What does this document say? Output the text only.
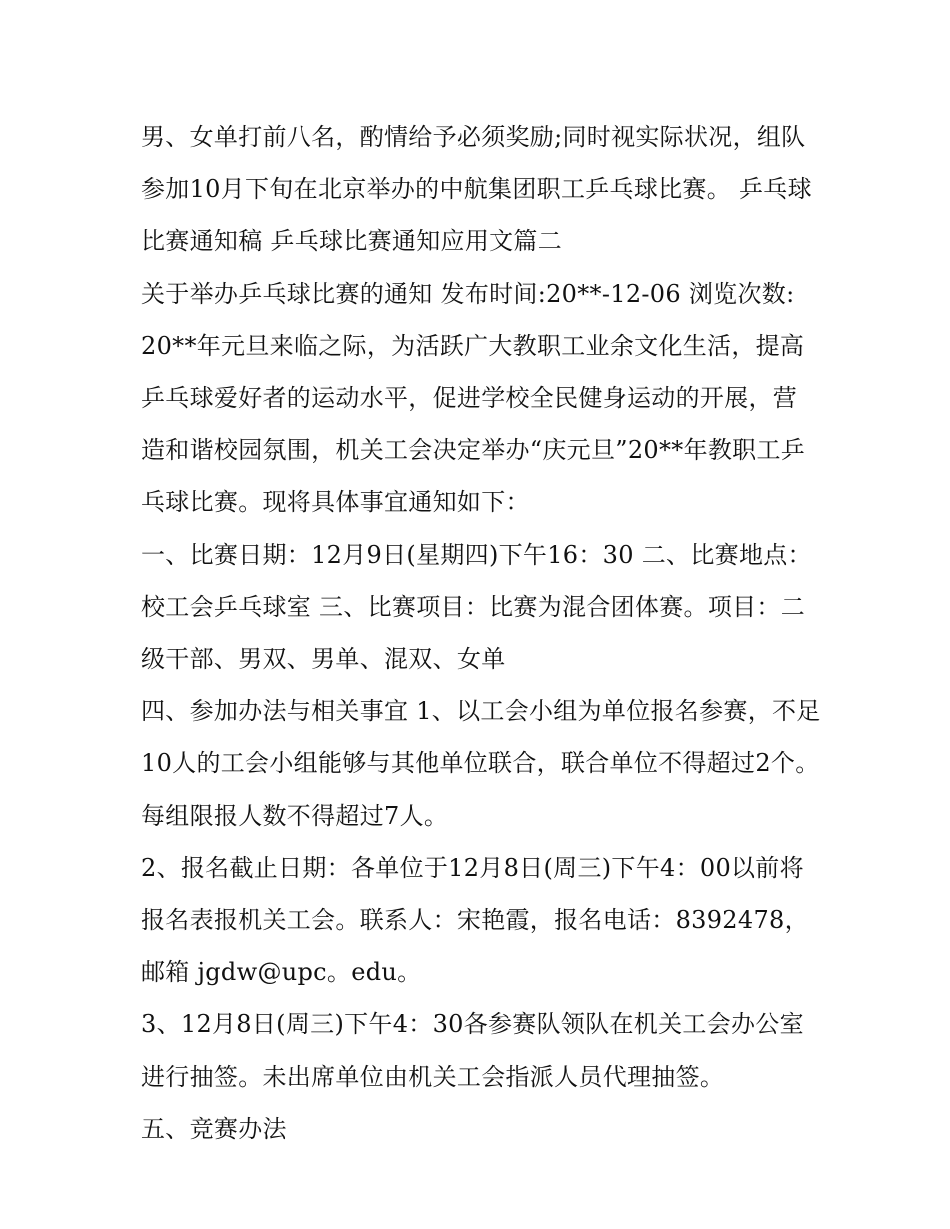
男、女单打前八名，酌情给予必须奖励;同时视实际状况，组队参加10月下旬在北京举办的中航集团职工乒乓球比赛。 乒乓球比赛通知稿 乒乓球比赛通知应用文篇二

关于举办乒乓球比赛的通知 发布时间:20**-12-06 浏览次数:

20**年元旦来临之际，为活跃广大教职工业余文化生活，提高乒乓球爱好者的运动水平，促进学校全民健身运动的开展，营造和谐校园氛围，机关工会决定举办“庆元旦”20**年教职工乒乓球比赛。现将具体事宜通知如下：

一、比赛日期：12月9日(星期四)下午16：30 二、比赛地点：校工会乒乓球室 三、比赛项目：比赛为混合团体赛。项目：二级干部、男双、男单、混双、女单

四、参加办法与相关事宜 1、以工会小组为单位报名参赛，不足10人的工会小组能够与其他单位联合，联合单位不得超过2个。每组限报人数不得超过7人。

2、报名截止日期：各单位于12月8日(周三)下午4：00以前将报名表报机关工会。联系人：宋艳霞，报名电话：8392478，邮箱 jgdw@upc。edu。

3、12月8日(周三)下午4：30各参赛队领队在机关工会办公室进行抽签。未出席单位由机关工会指派人员代理抽签。

五、竞赛办法
